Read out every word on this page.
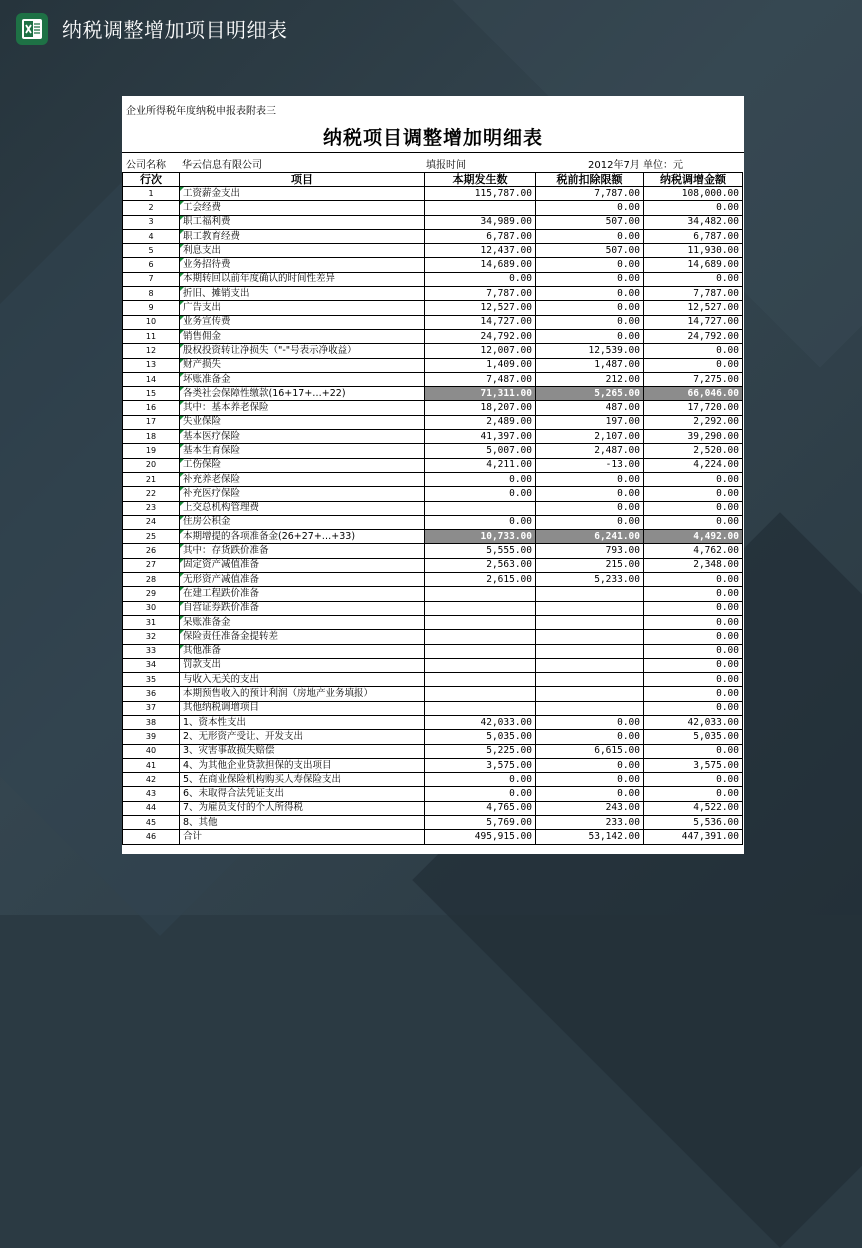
纳税调整增加项目明细表
企业所得税年度纳税申报表附表三
纳税项目调整增加明细表
公司名称 华云信息有限公司	填报时间	2012年7月 单位：元
行次	项目	本期发生数	税前扣除限额	纳税调增金额
1	工资薪金支出	115,787.00	7,787.00	108,000.00
2	工会经费		0.00	0.00
3	职工福利费	34,989.00	507.00	34,482.00
4	职工教育经费	6,787.00	0.00	6,787.00
5	利息支出	12,437.00	507.00	11,930.00
6	业务招待费	14,689.00	0.00	14,689.00
7	本期转回以前年度确认的时间性差异	0.00	0.00	0.00
8	折旧、摊销支出	7,787.00	0.00	7,787.00
9	广告支出	12,527.00	0.00	12,527.00
10	业务宣传费	14,727.00	0.00	14,727.00
11	销售佣金	24,792.00	0.00	24,792.00
12	股权投资转让净损失（"-"号表示净收益）	12,007.00	12,539.00	0.00
13	财产损失	1,409.00	1,487.00	0.00
14	坏账准备金	7,487.00	212.00	7,275.00
15	各类社会保障性缴款(16+17+…+22)	71,311.00	5,265.00	66,046.00
16	其中：基本养老保险	18,207.00	487.00	17,720.00
17	失业保险	2,489.00	197.00	2,292.00
18	基本医疗保险	41,397.00	2,107.00	39,290.00
19	基本生育保险	5,007.00	2,487.00	2,520.00
20	工伤保险	4,211.00	-13.00	4,224.00
21	补充养老保险	0.00	0.00	0.00
22	补充医疗保险	0.00	0.00	0.00
23	上交总机构管理费		0.00	0.00
24	住房公积金	0.00	0.00	0.00
25	本期增提的各项准备金(26+27+…+33)	10,733.00	6,241.00	4,492.00
26	其中：存货跌价准备	5,555.00	793.00	4,762.00
27	固定资产减值准备	2,563.00	215.00	2,348.00
28	无形资产减值准备	2,615.00	5,233.00	0.00
29	在建工程跌价准备			0.00
30	自营证券跌价准备			0.00
31	呆账准备金			0.00
32	保险责任准备金提转差			0.00
33	其他准备			0.00
34	罚款支出			0.00
35	与收入无关的支出			0.00
36	本期预售收入的预计利润（房地产业务填报）			0.00
37	其他纳税调增项目			0.00
38	1、资本性支出	42,033.00	0.00	42,033.00
39	2、无形资产受让、开发支出	5,035.00	0.00	5,035.00
40	3、灾害事故损失赔偿	5,225.00	6,615.00	0.00
41	4、为其他企业贷款担保的支出项目	3,575.00	0.00	3,575.00
42	5、在商业保险机构购买人寿保险支出	0.00	0.00	0.00
43	6、未取得合法凭证支出	0.00	0.00	0.00
44	7、为雇员支付的个人所得税	4,765.00	243.00	4,522.00
45	8、其他	5,769.00	233.00	5,536.00
46	合计	495,915.00	53,142.00	447,391.00
